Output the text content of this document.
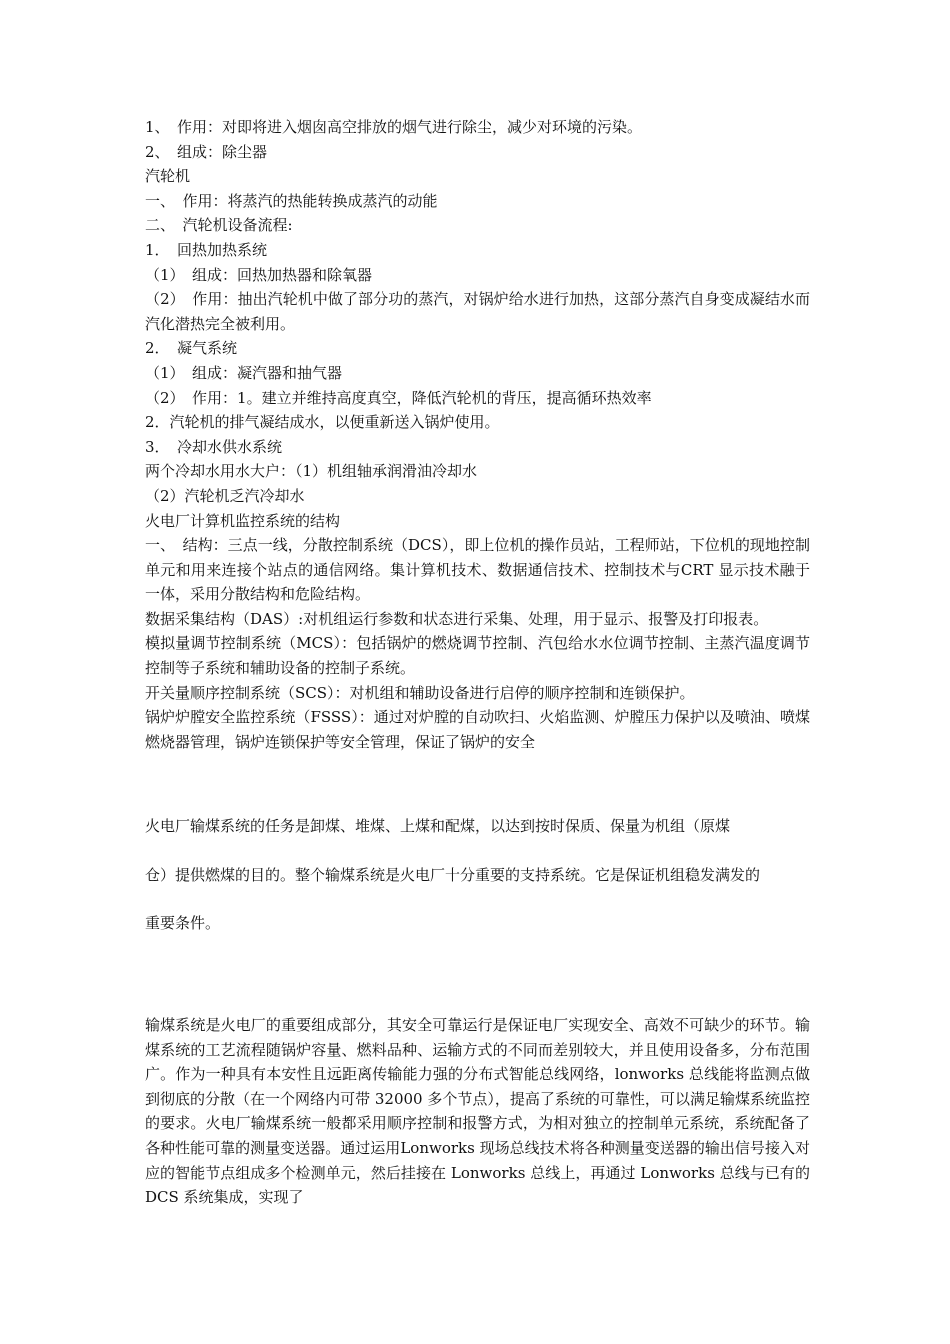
1、　作用：对即将进入烟囱高空排放的烟气进行除尘，减少对环境的污染。

2、　组成：除尘器

汽轮机

一、　作用：将蒸汽的热能转换成蒸汽的动能

二、　汽轮机设备流程:

1．　回热加热系统

（1）　组成：回热加热器和除氧器

（2）　作用：抽出汽轮机中做了部分功的蒸汽，对锅炉给水进行加热，这部分蒸汽自身变成凝结水而汽化潜热完全被利用。

2．　凝气系统

（1）　组成：凝汽器和抽气器

（2）　作用：1。建立并维持高度真空，降低汽轮机的背压，提高循环热效率

2．汽轮机的排气凝结成水，以便重新送入锅炉使用。

3．　冷却水供水系统

两个冷却水用水大户：（1）机组轴承润滑油冷却水

（2）汽轮机乏汽冷却水

火电厂计算机监控系统的结构

一、　结构：三点一线，分散控制系统（DCS），即上位机的操作员站，工程师站，下位机的现地控制单元和用来连接个站点的通信网络。集计算机技术、数据通信技术、控制技术与CRT 显示技术融于一体，采用分散结构和危险结构。

数据采集结构（DAS）:对机组运行参数和状态进行采集、处理，用于显示、报警及打印报表。

模拟量调节控制系统（MCS）：包括锅炉的燃烧调节控制、汽包给水水位调节控制、主蒸汽温度调节控制等子系统和辅助设备的控制子系统。

开关量顺序控制系统（SCS）：对机组和辅助设备进行启停的顺序控制和连锁保护。

锅炉炉膛安全监控系统（FSSS）：通过对炉膛的自动吹扫、火焰监测、炉膛压力保护以及喷油、喷煤燃烧器管理，锅炉连锁保护等安全管理，保证了锅炉的安全

火电厂输煤系统的任务是卸煤、堆煤、上煤和配煤，以达到按时保质、保量为机组（原煤

仓）提供燃煤的目的。整个输煤系统是火电厂十分重要的支持系统。它是保证机组稳发满发的

重要条件。

输煤系统是火电厂的重要组成部分，其安全可靠运行是保证电厂实现安全、高效不可缺少的环节。输煤系统的工艺流程随锅炉容量、燃料品种、运输方式的不同而差别较大，并且使用设备多，分布范围广。作为一种具有本安性且远距离传输能力强的分布式智能总线网络，lonworks 总线能将监测点做到彻底的分散（在一个网络内可带 32000 多个节点），提高了系统的可靠性，可以满足输煤系统监控的要求。火电厂输煤系统一般都采用顺序控制和报警方式，为相对独立的控制单元系统，系统配备了各种性能可靠的测量变送器。通过运用Lonworks 现场总线技术将各种测量变送器的输出信号接入对应的智能节点组成多个检测单元，然后挂接在 Lonworks 总线上，再通过 Lonworks 总线与已有的 DCS 系统集成，实现了
